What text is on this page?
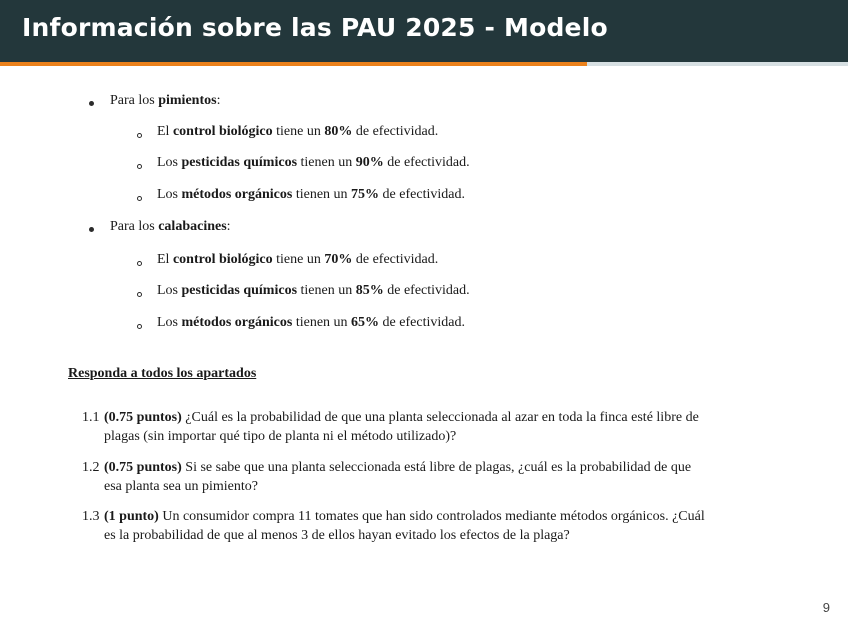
Información sobre las PAU 2025 - Modelo
Para los pimientos:
El control biológico tiene un 80% de efectividad.
Los pesticidas químicos tienen un 90% de efectividad.
Los métodos orgánicos tienen un 75% de efectividad.
Para los calabacines:
El control biológico tiene un 70% de efectividad.
Los pesticidas químicos tienen un 85% de efectividad.
Los métodos orgánicos tienen un 65% de efectividad.
Responda a todos los apartados
1.1 (0.75 puntos) ¿Cuál es la probabilidad de que una planta seleccionada al azar en toda la finca esté libre de
plagas (sin importar qué tipo de planta ni el método utilizado)?
1.2 (0.75 puntos) Si se sabe que una planta seleccionada está libre de plagas, ¿cuál es la probabilidad de que
esa planta sea un pimiento?
1.3 (1 punto) Un consumidor compra 11 tomates que han sido controlados mediante métodos orgánicos. ¿Cuál
es la probabilidad de que al menos 3 de ellos hayan evitado los efectos de la plaga?
9
